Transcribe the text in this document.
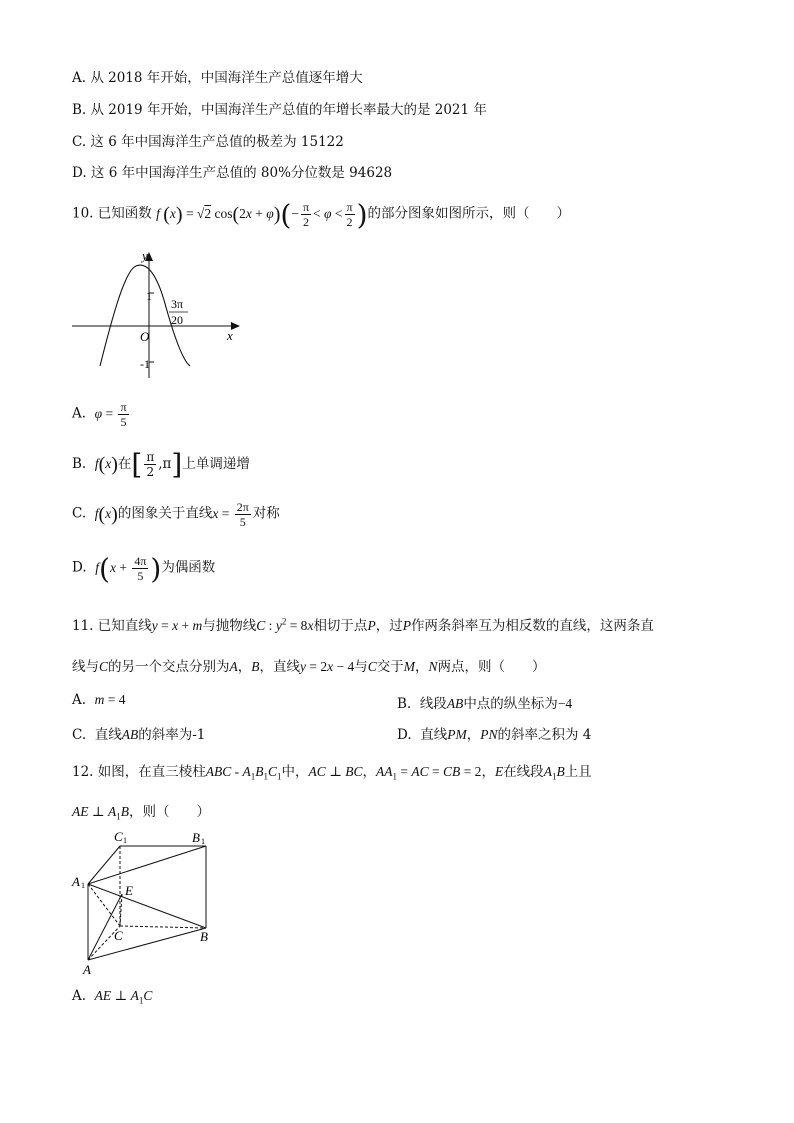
A. 从 2018 年开始，中国海洋生产总值逐年增大
B. 从 2019 年开始，中国海洋生产总值的年增长率最大的是 2021 年
C. 这 6 年中国海洋生产总值的极差为 15122
D. 这 6 年中国海洋生产总值的 80%分位数是 94628
10. 已知函数 f (x) = √2 $\cos(2x + \varphi)(- \frac{\pi}{2} < \varphi < \frac{\pi}{2}$ )的部分图象如图所示，则（　　）
y
x
O
1
-1
3π
20
A. $\varphi = \frac{\pi}{5}$
B. f(x)在[ $\frac{\pi}{2} ,\pi$]上单调递增
C. f(x)的图象关于直线$x = \frac{2\pi}{5}$ 对称
D. $f(x + \frac{4\pi}{5}$ )为偶函数
11. 已知直线y = x + m与抛物线C : $y^2 = 8x$相切于点P，过P作两条斜率互为相反数的直线，这两条直
线与C的另一个交点分别为A，B，直线y = 2x − 4与C交于M，N两点，则（　　）
A. m = 4	B. 线段AB中点的纵坐标为−4
C. 直线AB的斜率为-1	D. 直线PM，PN的斜率之积为 4
12. 如图，在直三棱柱ABC - $A_1B_1C_1$中，AC ⊥ BC，$AA_1$ = AC = CB = 2，E在线段$A_1B$上且
AE ⊥ $A_1B$，则（　　）
C 1	B 1
A 1	E
C	B
A
A. AE ⊥ $A_1C$
